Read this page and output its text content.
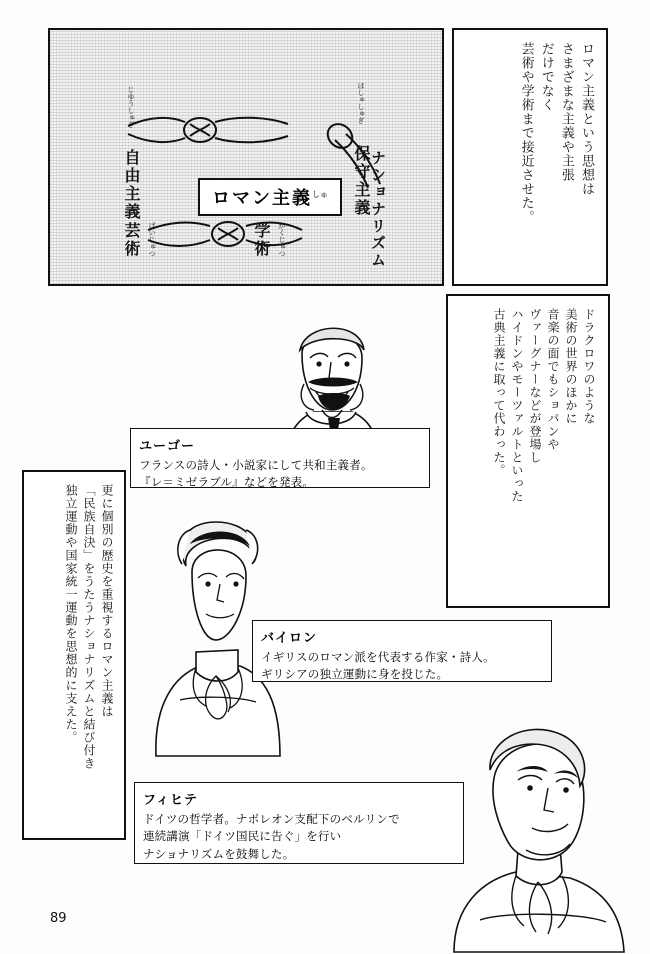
ほしゅしゅぎ 保守主義
じゆうしゅぎ 自由主義	ナショナリズム
げいじゅつ 芸術	がくじゅつ 学術
ロマン主義$^{しゅ}$	ロマン主義という思想は
さまざまな主義や主張
だけでなく
芸術や学術まで接近させた。
ドラクロワのような
美術の世界のほかに
音楽の面でもショパンや
ヴァーグナーなどが登場し
ハイドンやモーツァルトといった
古典主義に取って代わった。
更に個別の歴史を重視するロマン主義は
「民族自決」をうたうナショナリズムと結び付き
独立運動や国家統一運動を思想的に支えた。
ユーゴー
フランスの詩人・小説家にして共和主義者。
『レ＝ミゼラブル』などを発表。
バイロン
イギリスのロマン派を代表する作家・詩人。
ギリシアの独立運動に身を投じた。
フィヒテ
ドイツの哲学者。ナポレオン支配下のベルリンで
連続講演「ドイツ国民に告ぐ」を行い
ナショナリズムを鼓舞した。
89
